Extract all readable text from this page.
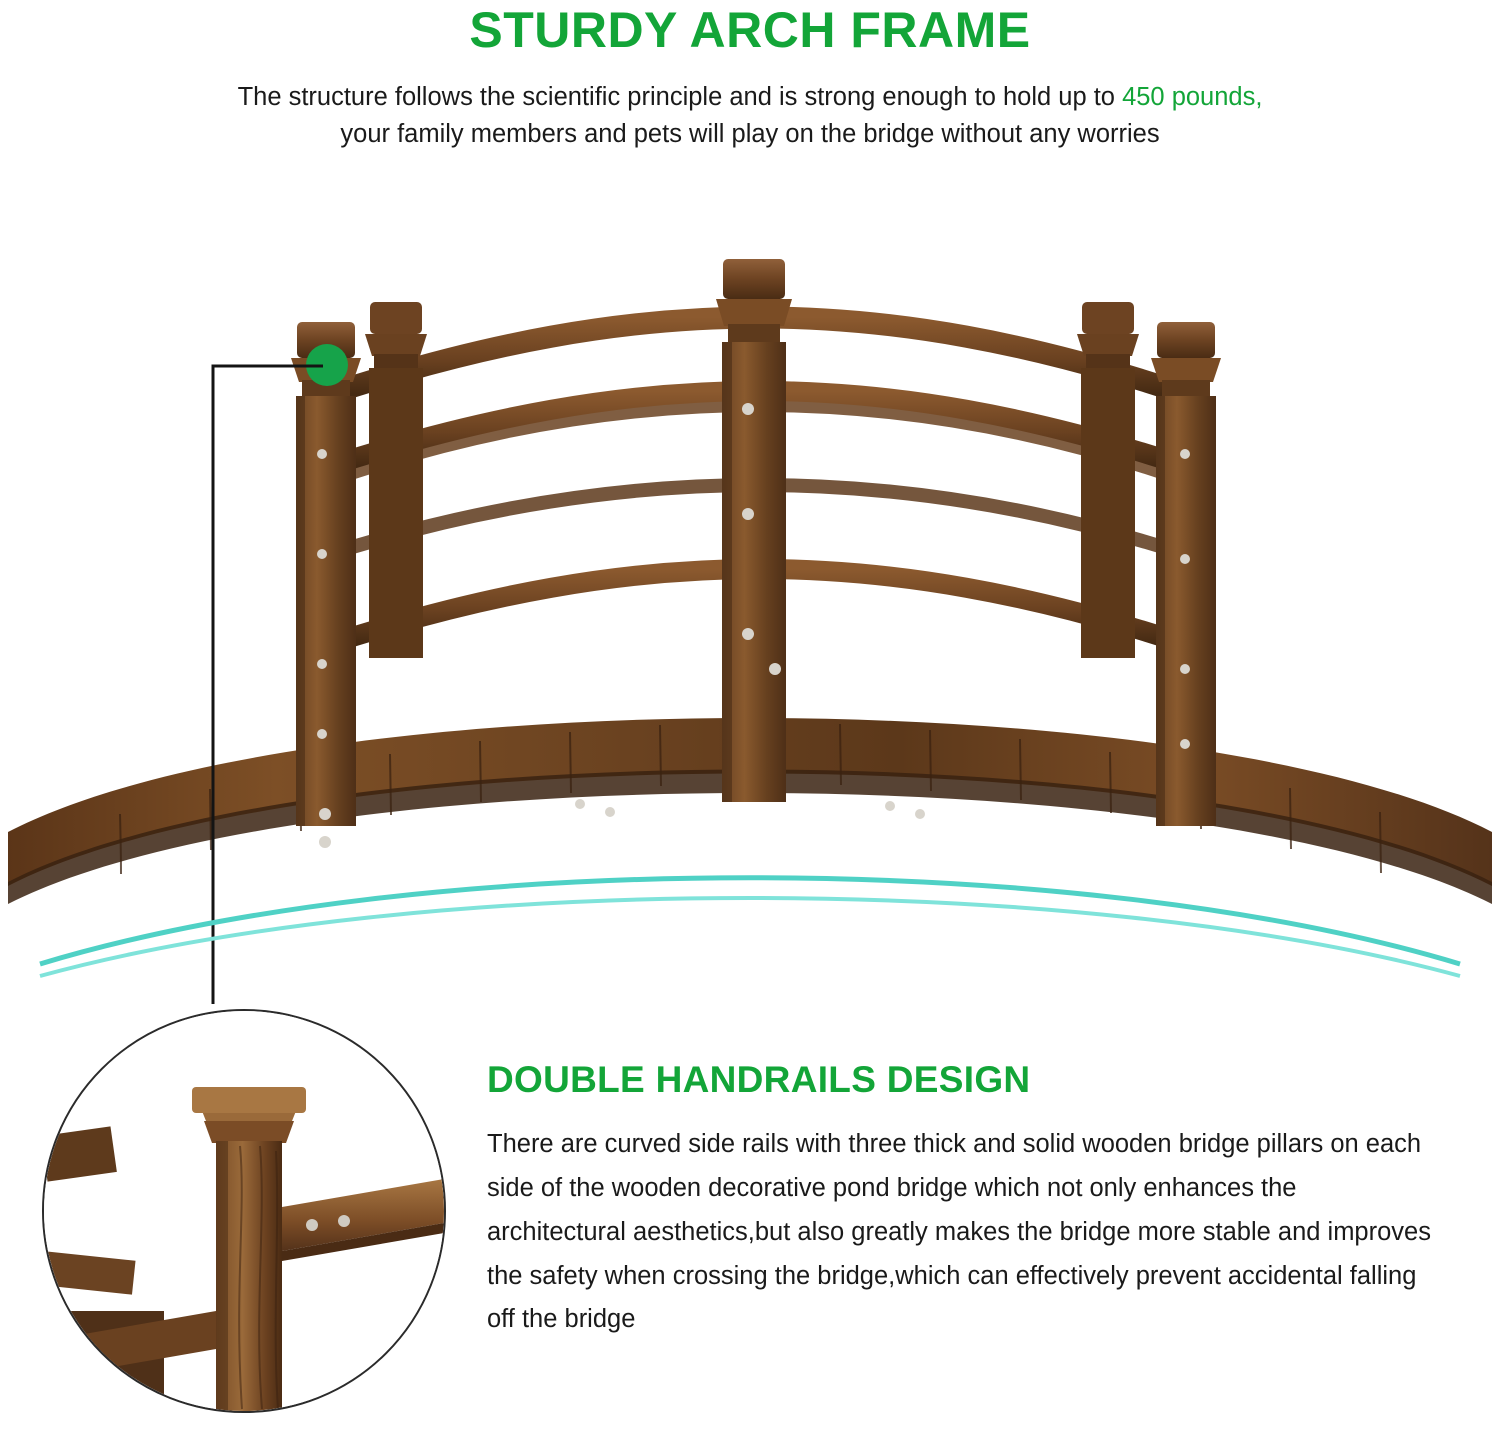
STURDY ARCH FRAME

The structure follows the scientific principle and is strong enough to hold up to 450 pounds,
your family members and pets will play on the bridge without any worries

DOUBLE HANDRAILS DESIGN

There are curved side rails with three thick and solid wooden bridge pillars on each side of the wooden decorative pond bridge which not only enhances the architectural aesthetics,but also greatly makes the bridge more stable and improves the safety when crossing the bridge,which can effectively prevent accidental falling off the bridge
